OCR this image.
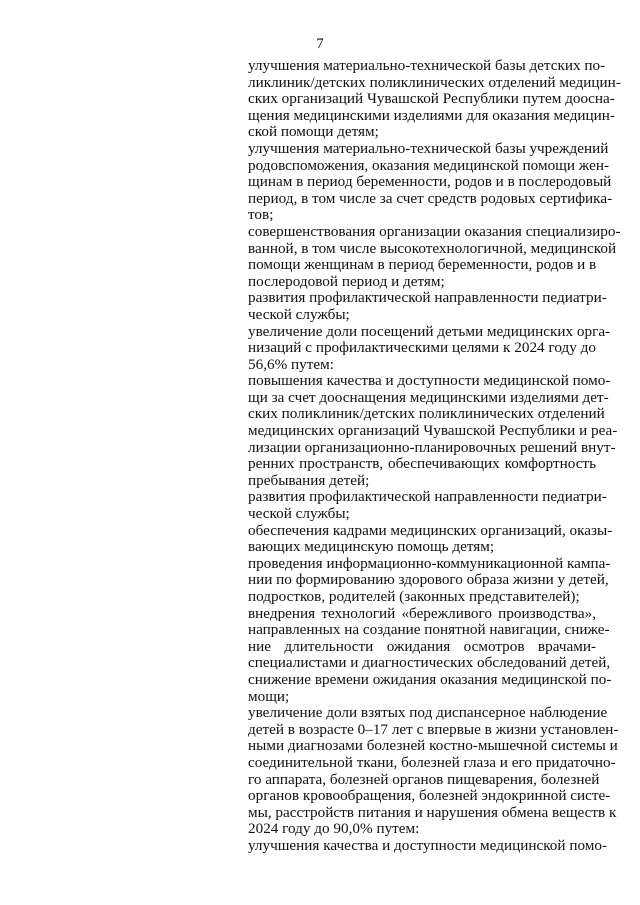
7
улучшения материально-технической базы детских по-
ликлиник/детских поликлинических отделений медицин-
ских организаций Чувашской Республики путем дооcна-
щения медицинскими изделиями для оказания медицин-
ской помощи детям;
улучшения материально-технической базы учреждений
родовспоможения, оказания медицинской помощи жен-
щинам в период беременности, родов и в послеродовый
период, в том числе за счет средств родовых сертифика-
тов;
совершенствования организации оказания специализиро-
ванной, в том числе высокотехнологичной, медицинской
помощи женщинам в период беременности, родов и в
послеродовой период и детям;
развития профилактической направленности педиатри-
ческой службы;
увеличение доли посещений детьми медицинских орга-
низаций с профилактическими целями к 2024 году до
56,6% путем:
повышения качества и доступности медицинской помо-
щи за счет дооснащения медицинскими изделиями дет-
ских поликлиник/детских поликлинических отделений
медицинских организаций Чувашской Республики и реа-
лизации организационно-планировочных решений внут-
ренних пространств, обеспечивающих комфортность
пребывания детей;
развития профилактической направленности педиатри-
ческой службы;
обеспечения кадрами медицинских организаций, оказы-
вающих медицинскую помощь детям;
проведения информационно-коммуникационной кампа-
нии по формированию здорового образа жизни у детей,
подростков, родителей (законных представителей);
внедрения технологий «бережливого производства»,
направленных на создание понятной навигации, сниже-
ние длительности ожидания осмотров врачами-
специалистами и диагностических обследований детей,
снижение времени ожидания оказания медицинской по-
мощи;
увеличение доли взятых под диспансерное наблюдение
детей в возрасте 0–17 лет с впервые в жизни установлен-
ными диагнозами болезней костно-мышечной системы и
соединительной ткани, болезней глаза и его придаточно-
го аппарата, болезней органов пищеварения, болезней
органов кровообращения, болезней эндокринной систе-
мы, расстройств питания и нарушения обмена веществ к
2024 году до 90,0% путем:
улучшения качества и доступности медицинской помо-
